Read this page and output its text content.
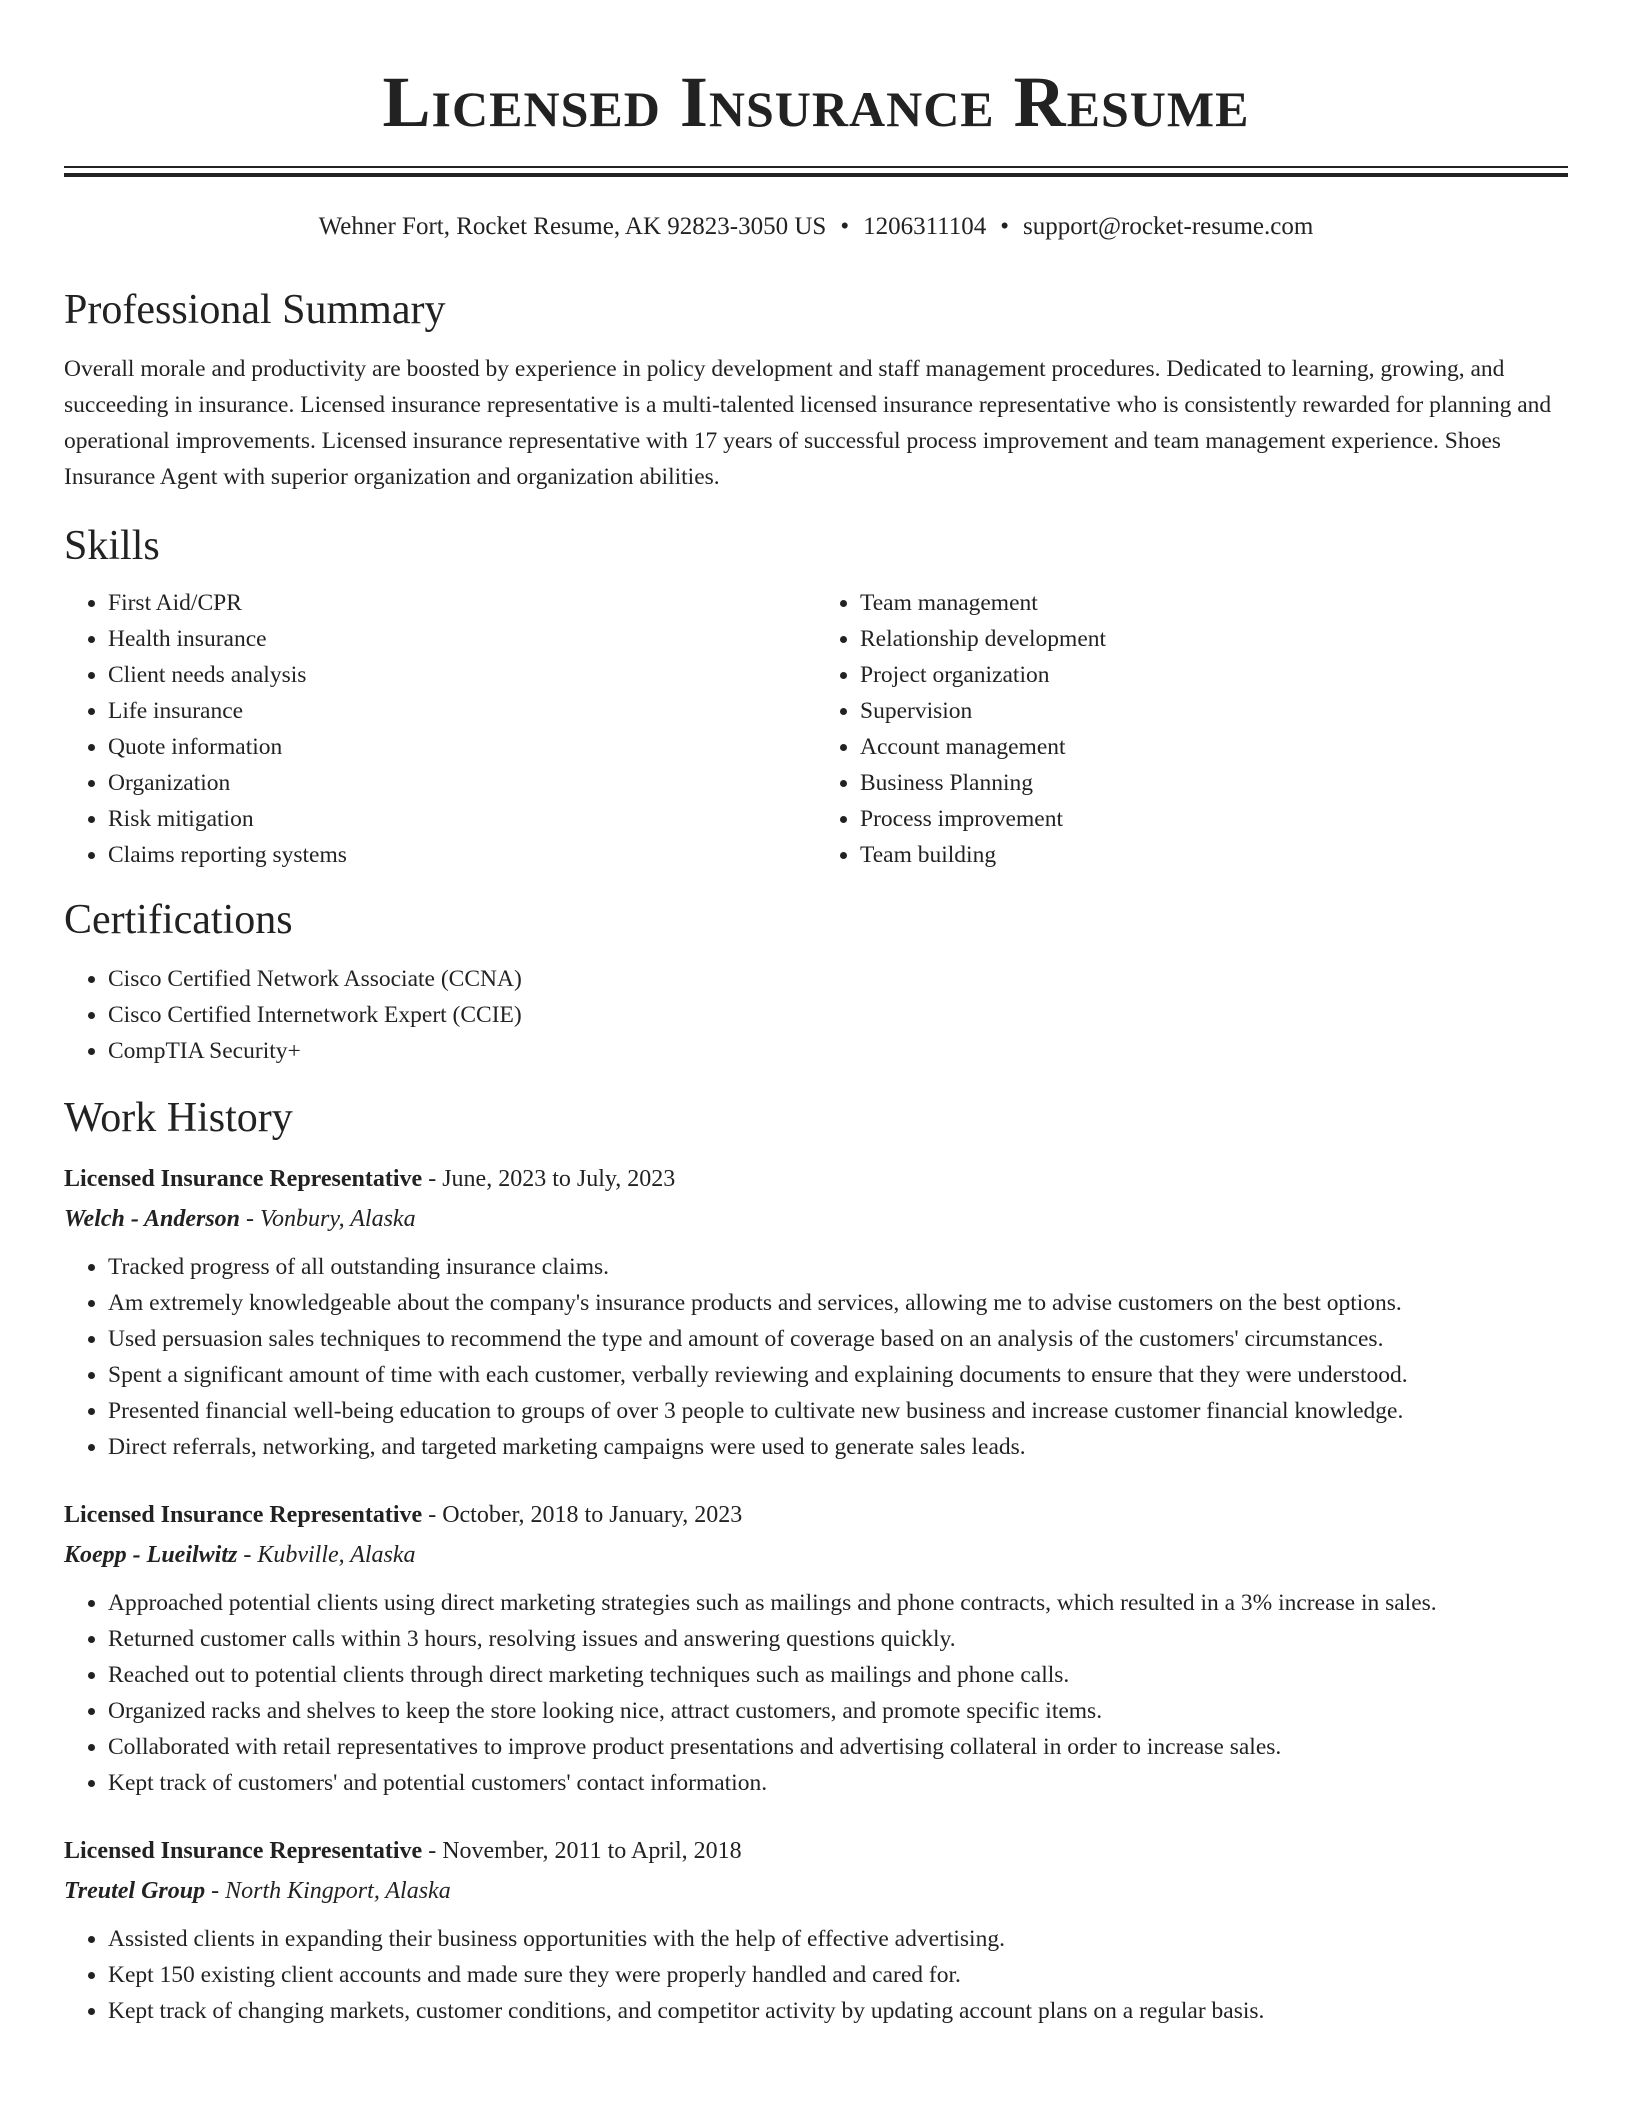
Licensed Insurance Resume
Wehner Fort, Rocket Resume, AK 92823-3050 US • 1206311104 • support@rocket-resume.com
Professional Summary
Overall morale and productivity are boosted by experience in policy development and staff management procedures. Dedicated to learning, growing, and succeeding in insurance. Licensed insurance representative is a multi-talented licensed insurance representative who is consistently rewarded for planning and operational improvements. Licensed insurance representative with 17 years of successful process improvement and team management experience. Shoes Insurance Agent with superior organization and organization abilities.
Skills
• First Aid/CPR
• Health insurance
• Client needs analysis
• Life insurance
• Quote information
• Organization
• Risk mitigation
• Claims reporting systems
• Team management
• Relationship development
• Project organization
• Supervision
• Account management
• Business Planning
• Process improvement
• Team building
Certifications
• Cisco Certified Network Associate (CCNA)
• Cisco Certified Internetwork Expert (CCIE)
• CompTIA Security+
Work History
Licensed Insurance Representative - June, 2023 to July, 2023
Welch - Anderson - Vonbury, Alaska
• Tracked progress of all outstanding insurance claims.
• Am extremely knowledgeable about the company's insurance products and services, allowing me to advise customers on the best options.
• Used persuasion sales techniques to recommend the type and amount of coverage based on an analysis of the customers' circumstances.
• Spent a significant amount of time with each customer, verbally reviewing and explaining documents to ensure that they were understood.
• Presented financial well-being education to groups of over 3 people to cultivate new business and increase customer financial knowledge.
• Direct referrals, networking, and targeted marketing campaigns were used to generate sales leads.
Licensed Insurance Representative - October, 2018 to January, 2023
Koepp - Lueilwitz - Kubville, Alaska
• Approached potential clients using direct marketing strategies such as mailings and phone contracts, which resulted in a 3% increase in sales.
• Returned customer calls within 3 hours, resolving issues and answering questions quickly.
• Reached out to potential clients through direct marketing techniques such as mailings and phone calls.
• Organized racks and shelves to keep the store looking nice, attract customers, and promote specific items.
• Collaborated with retail representatives to improve product presentations and advertising collateral in order to increase sales.
• Kept track of customers' and potential customers' contact information.
Licensed Insurance Representative - November, 2011 to April, 2018
Treutel Group - North Kingport, Alaska
• Assisted clients in expanding their business opportunities with the help of effective advertising.
• Kept 150 existing client accounts and made sure they were properly handled and cared for.
• Kept track of changing markets, customer conditions, and competitor activity by updating account plans on a regular basis.
